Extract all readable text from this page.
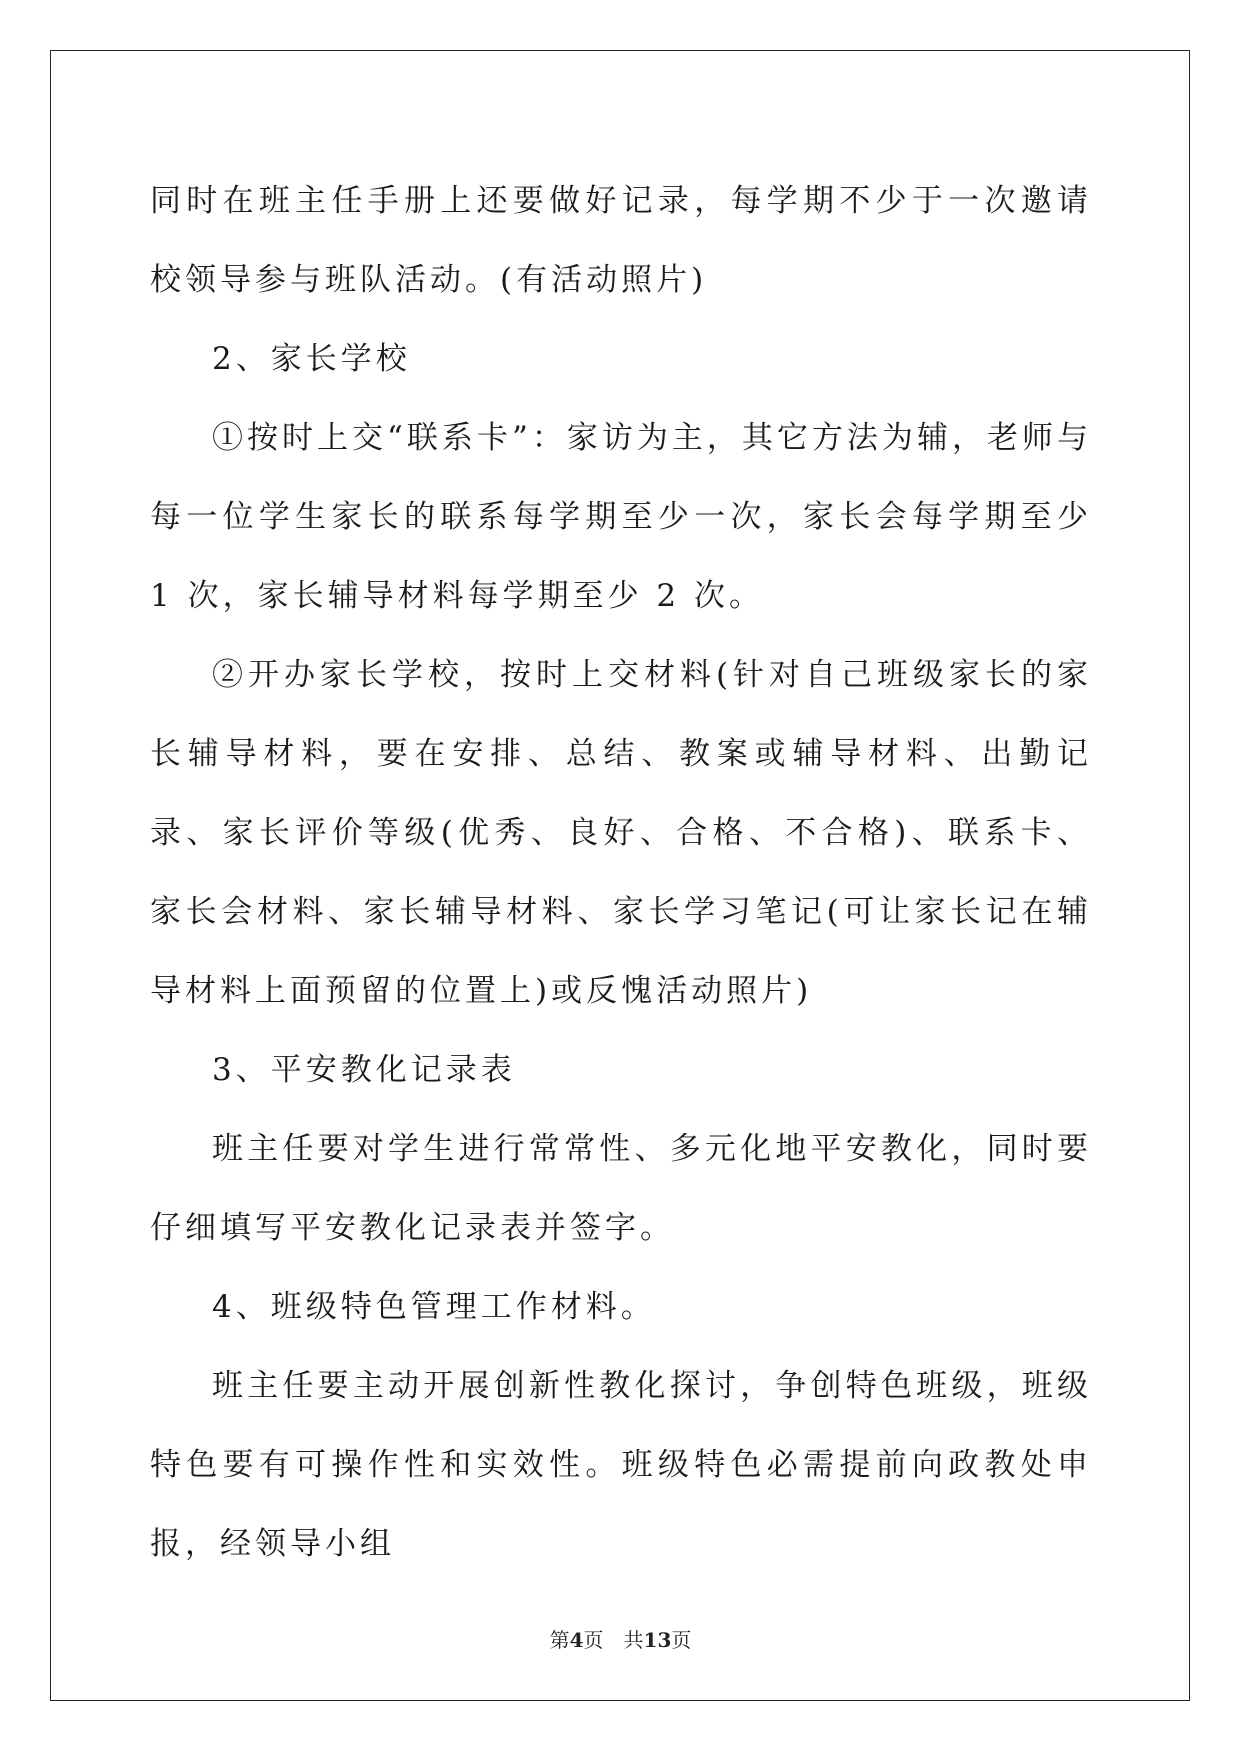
同时在班主任手册上还要做好记录，每学期不少于一次邀请校领导参与班队活动。(有活动照片)

2、家长学校

①按时上交“联系卡”：家访为主，其它方法为辅，老师与每一位学生家长的联系每学期至少一次，家长会每学期至少 1 次，家长辅导材料每学期至少 2 次。

②开办家长学校，按时上交材料(针对自己班级家长的家长辅导材料，要在安排、总结、教案或辅导材料、出勤记录、家长评价等级(优秀、良好、合格、不合格)、联系卡、家长会材料、家长辅导材料、家长学习笔记(可让家长记在辅导材料上面预留的位置上)或反愧活动照片)

3、平安教化记录表

班主任要对学生进行常常性、多元化地平安教化，同时要仔细填写平安教化记录表并签字。

4、班级特色管理工作材料。

班主任要主动开展创新性教化探讨，争创特色班级，班级特色要有可操作性和实效性。班级特色必需提前向政教处申报，经领导小组

第4页 共13页
